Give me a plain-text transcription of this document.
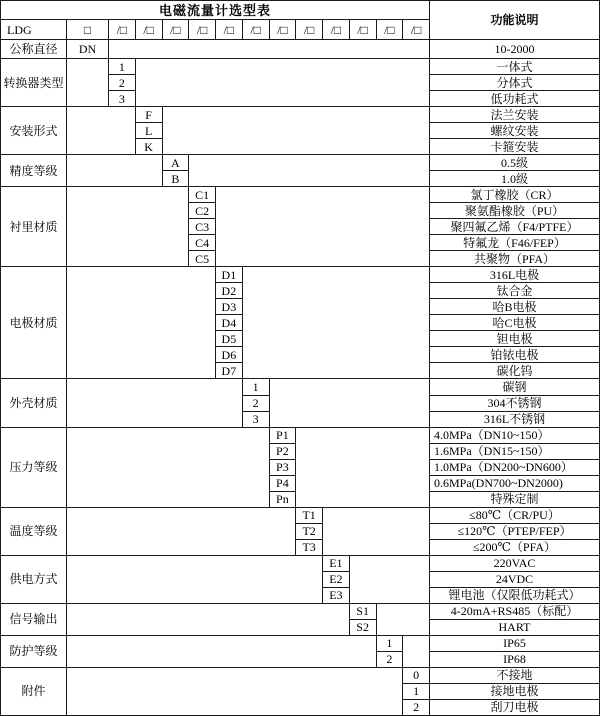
电磁流量计选型表
功能说明
LDG	□	/□	/□	/□	/□	/□	/□	/□	/□	/□	/□	/□	/□
公称直径	DN	10-2000
转换器类型
1	一体式
2	分体式
3	低功耗式
安装形式
F	法兰安装
L	螺纹安装
K	卡箍安装
精度等级
A	0.5级
B	1.0级
衬里材质
C1	氯丁橡胶（CR）
C2	聚氨酯橡胶（PU）
C3	聚四氟乙烯（F4/PTFE）
C4	特氟龙（F46/FEP）
C5	共聚物（PFA）
电极材质
D1	316L电极
D2	钛合金
D3	哈B电极
D4	哈C电极
D5	钽电极
D6	铂铱电极
D7	碳化钨
外壳材质
1	碳钢
2	304不锈钢
3	316L不锈钢
压力等级
P1	4.0MPa（DN10~150）
P2	1.6MPa（DN15~150）
P3	1.0MPa（DN200~DN600）
P4	0.6MPa(DN700~DN2000)
Pn	特殊定制
温度等级
T1	≤80℃（CR/PU）
T2	≤120℃（PTEP/FEP）
T3	≤200℃（PFA）
供电方式
E1	220VAC
E2	24VDC
E3	锂电池（仅限低功耗式）
信号输出
S1	4-20mA+RS485（标配）
S2	HART
防护等级
1	IP65
2	IP68
附件
0	不接地
1	接地电极
2	刮刀电极
